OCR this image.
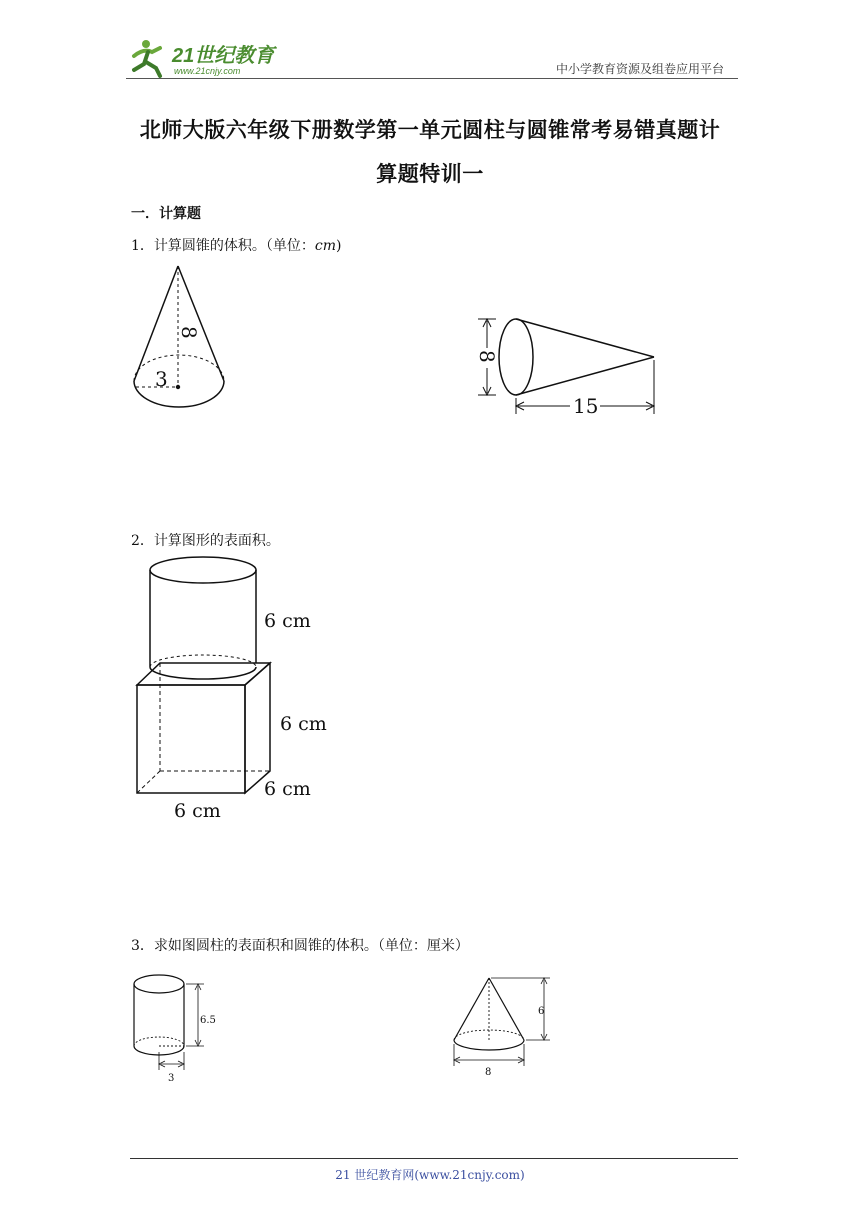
21世纪教育
www.21cnjy.com	中小学教育资源及组卷应用平台
北师大版六年级下册数学第一单元圆柱与圆锥常考易错真题计
算题特训一
一．计算题
1．计算圆锥的体积。（单位：cm)
8
3
8
15
2．计算图形的表面积。
6 cm
6 cm
6 cm
6 cm
3．求如图圆柱的表面积和圆锥的体积。（单位：厘米）
6.5
3
6
8
21 世纪教育网(www.21cnjy.com)
